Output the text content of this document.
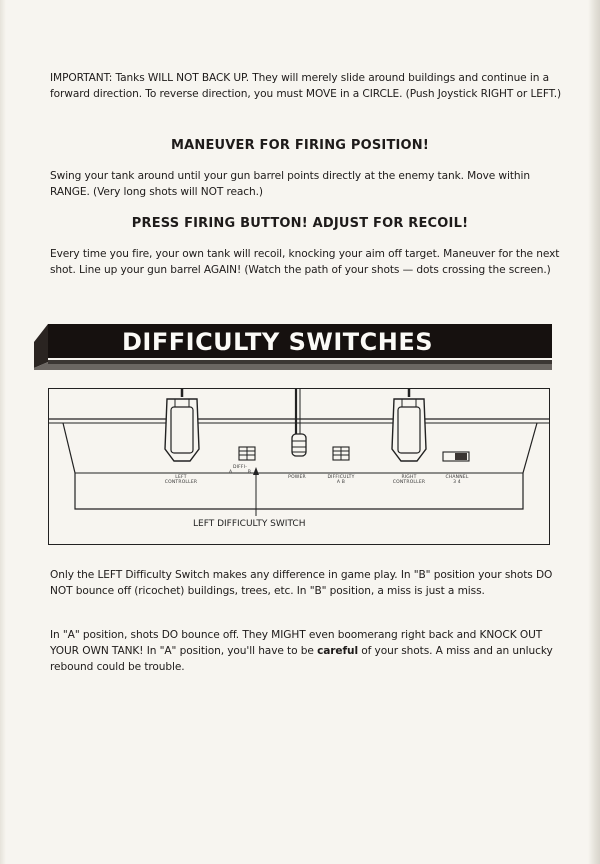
IMPORTANT: Tanks WILL NOT BACK UP. They will merely slide around buildings and continue in a forward direction. To reverse direction, you must MOVE in a CIRCLE. (Push Joystick RIGHT or LEFT.)

MANEUVER FOR FIRING POSITION!

Swing your tank around until your gun barrel points directly at the enemy tank. Move within RANGE. (Very long shots will NOT reach.)

PRESS FIRING BUTTON! ADJUST FOR RECOIL!

Every time you fire, your own tank will recoil, knocking your aim off target. Maneuver for the next shot. Line up your gun barrel AGAIN! (Watch the path of your shots — dots crossing the screen.)

DIFFICULTY SWITCHES
LEFT
CONTROLLER
DIFFI-
A	B
POWER	DIFFICULTY
A B
RIGHT
CONTROLLER
CHANNEL
3 4
LEFT DIFFICULTY SWITCH

Only the LEFT Difficulty Switch makes any difference in game play. In "B" position your shots DO NOT bounce off (ricochet) buildings, trees, etc. In "B" position, a miss is just a miss.

In "A" position, shots DO bounce off. They MIGHT even boomerang right back and KNOCK OUT YOUR OWN TANK! In "A" position, you'll have to be careful of your shots. A miss and an unlucky rebound could be trouble.
